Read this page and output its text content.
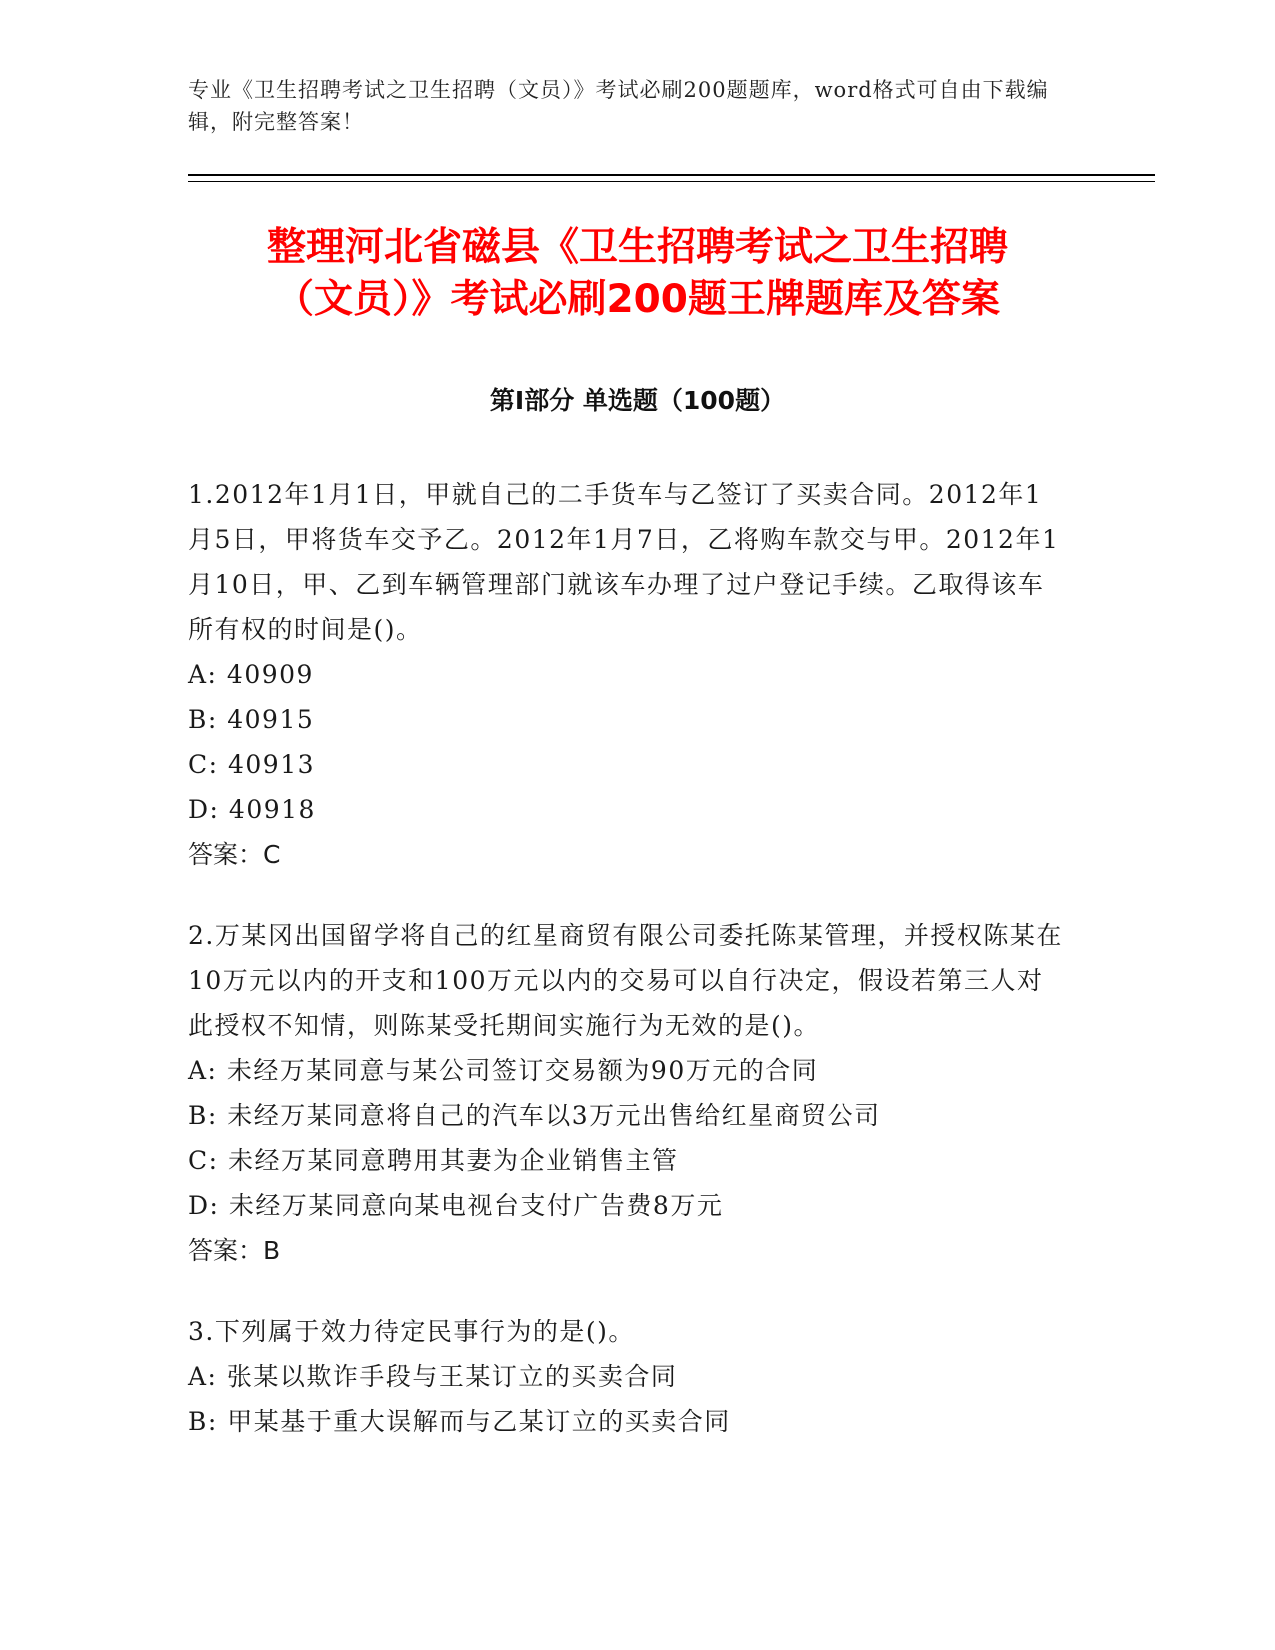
专业《卫生招聘考试之卫生招聘（文员）》考试必刷200题题库，word格式可自由下载编辑，附完整答案！
整理河北省磁县《卫生招聘考试之卫生招聘
（文员）》考试必刷200题王牌题库及答案
第Ⅰ部分 单选题（100题）

1.2012年1月1日，甲就自己的二手货车与乙签订了买卖合同。2012年1月5日，甲将货车交予乙。2012年1月7日，乙将购车款交与甲。2012年1月10日，甲、乙到车辆管理部门就该车办理了过户登记手续。乙取得该车所有权的时间是()。

A: 40909

B: 40915

C: 40913

D: 40918

答案：C

2.万某冈出国留学将自己的红星商贸有限公司委托陈某管理，并授权陈某在10万元以内的开支和100万元以内的交易可以自行决定，假设若第三人对此授权不知情，则陈某受托期间实施行为无效的是()。

A: 未经万某同意与某公司签订交易额为90万元的合同

B: 未经万某同意将自己的汽车以3万元出售给红星商贸公司

C: 未经万某同意聘用其妻为企业销售主管

D: 未经万某同意向某电视台支付广告费8万元

答案：B

3.下列属于效力待定民事行为的是()。

A: 张某以欺诈手段与王某订立的买卖合同

B: 甲某基于重大误解而与乙某订立的买卖合同
